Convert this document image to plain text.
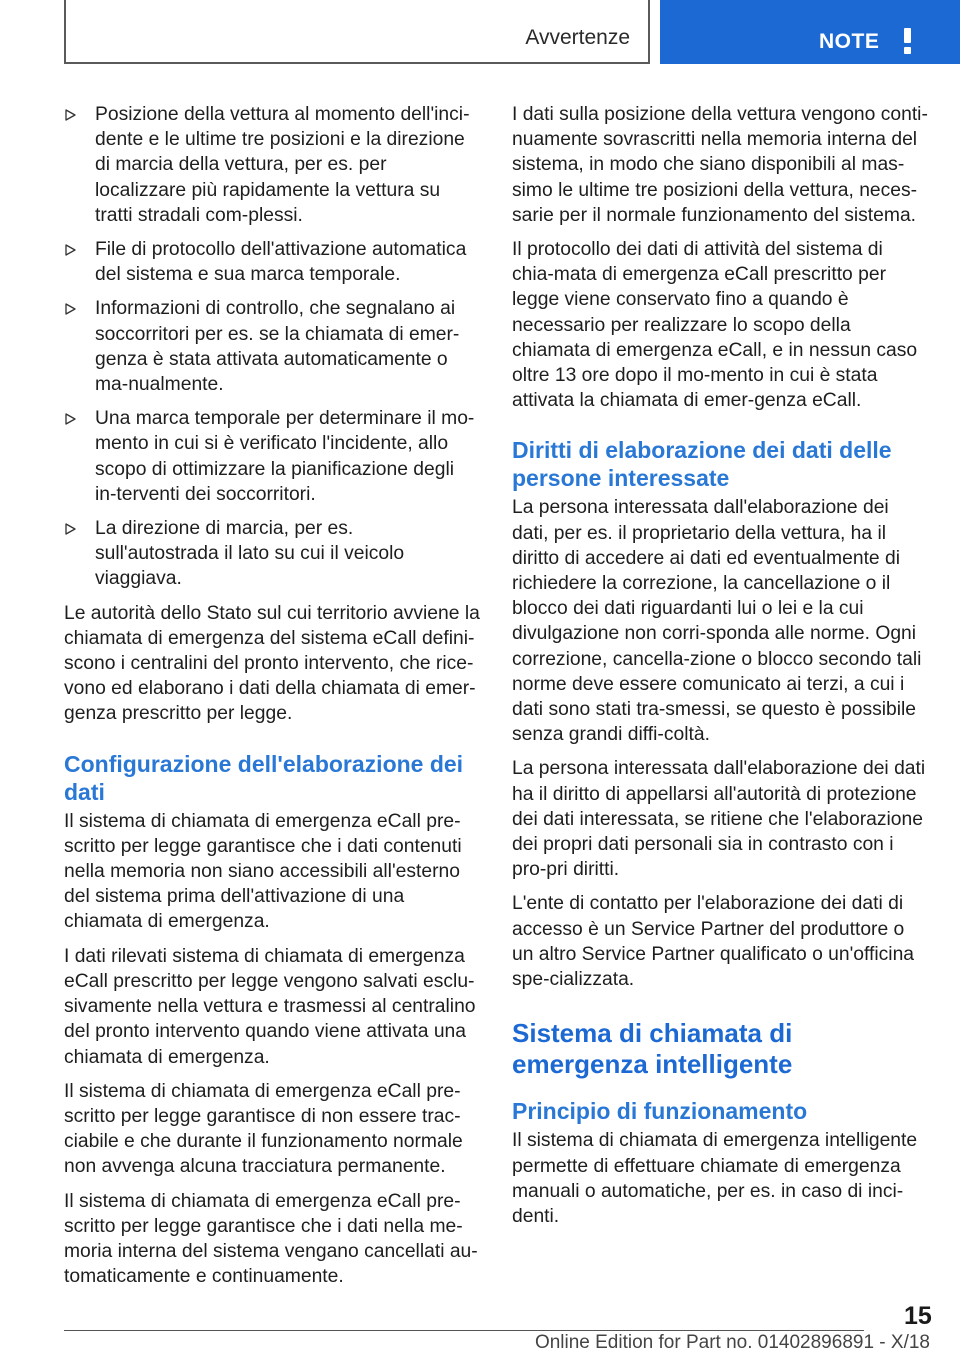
Avvertenze	NOTE
Posizione della vettura al momento dell'inci-dente e le ultime tre posizioni e la direzione di marcia della vettura, per es. per localizzare più rapidamente la vettura su tratti stradali com-plessi.
File di protocollo dell'attivazione automatica del sistema e sua marca temporale.
Informazioni di controllo, che segnalano ai soccorritori per es. se la chiamata di emer-genza è stata attivata automaticamente o ma-nualmente.
Una marca temporale per determinare il mo-mento in cui si è verificato l'incidente, allo scopo di ottimizzare la pianificazione degli in-terventi dei soccorritori.
La direzione di marcia, per es. sull'autostrada il lato su cui il veicolo viaggiava.

Le autorità dello Stato sul cui territorio avviene la chiamata di emergenza del sistema eCall defini-scono i centralini del pronto intervento, che rice-vono ed elaborano i dati della chiamata di emer-genza prescritto per legge.

Configurazione dell'elaborazione dei dati

Il sistema di chiamata di emergenza eCall pre-scritto per legge garantisce che i dati contenuti nella memoria non siano accessibili all'esterno del sistema prima dell'attivazione di una chiamata di emergenza.

I dati rilevati sistema di chiamata di emergenza eCall prescritto per legge vengono salvati esclu-sivamente nella vettura e trasmessi al centralino del pronto intervento quando viene attivata una chiamata di emergenza.

Il sistema di chiamata di emergenza eCall pre-scritto per legge garantisce di non essere trac-ciabile e che durante il funzionamento normale non avvenga alcuna tracciatura permanente.

Il sistema di chiamata di emergenza eCall pre-scritto per legge garantisce che i dati nella me-moria interna del sistema vengano cancellati au-tomaticamente e continuamente.

I dati sulla posizione della vettura vengono conti-nuamente sovrascritti nella memoria interna del sistema, in modo che siano disponibili al mas-simo le ultime tre posizioni della vettura, neces-sarie per il normale funzionamento del sistema.

Il protocollo dei dati di attività del sistema di chia-mata di emergenza eCall prescritto per legge viene conservato fino a quando è necessario per realizzare lo scopo della chiamata di emergenza eCall, e in nessun caso oltre 13 ore dopo il mo-mento in cui è stata attivata la chiamata di emer-genza eCall.

Diritti di elaborazione dei dati delle persone interessate

La persona interessata dall'elaborazione dei dati, per es. il proprietario della vettura, ha il diritto di accedere ai dati ed eventualmente di richiedere la correzione, la cancellazione o il blocco dei dati riguardanti lui o lei e la cui divulgazione non corri-sponda alle norme. Ogni correzione, cancella-zione o blocco secondo tali norme deve essere comunicato ai terzi, a cui i dati sono stati tra-smessi, se questo è possibile senza grandi diffi-coltà.

La persona interessata dall'elaborazione dei dati ha il diritto di appellarsi all'autorità di protezione dei dati interessata, se ritiene che l'elaborazione dei propri dati personali sia in contrasto con i pro-pri diritti.

L'ente di contatto per l'elaborazione dei dati di accesso è un Service Partner del produttore o un altro Service Partner qualificato o un'officina spe-cializzata.

Sistema di chiamata di emergenza intelligente
Principio di funzionamento

Il sistema di chiamata di emergenza intelligente permette di effettuare chiamate di emergenza manuali o automatiche, per es. in caso di inci-denti.

15
Online Edition for Part no. 01402896891 - X/18
